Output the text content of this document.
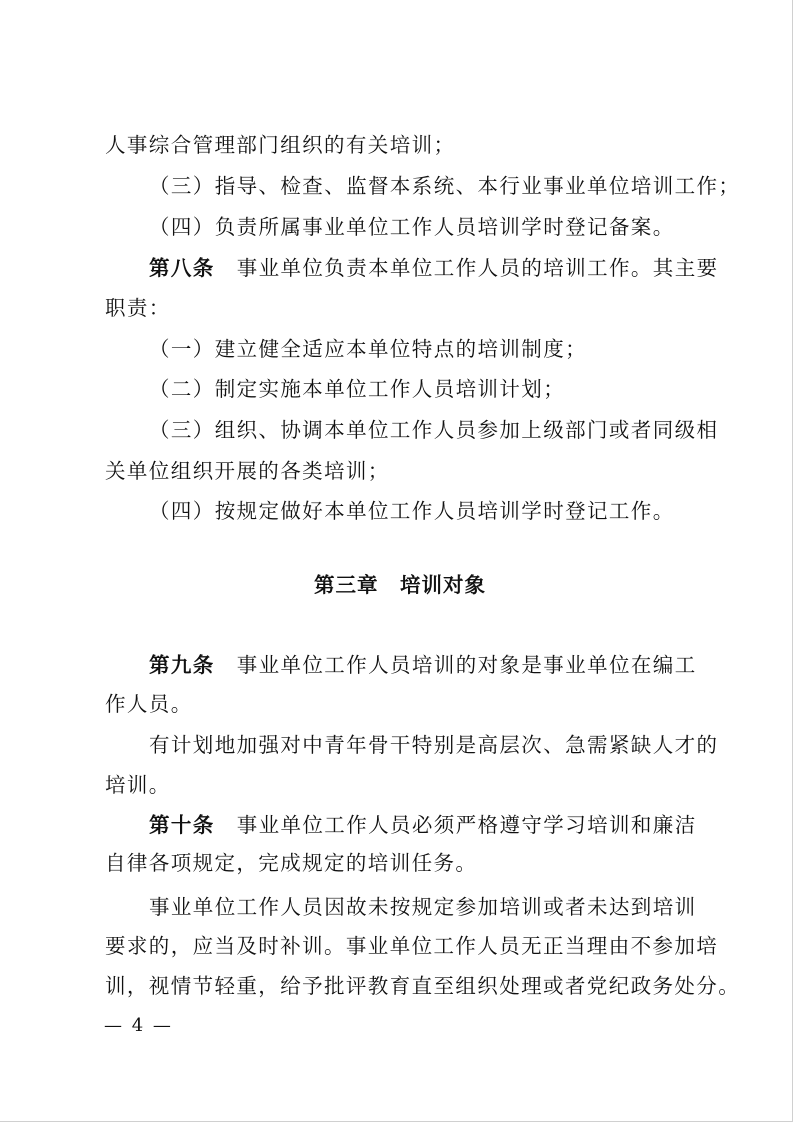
人事综合管理部门组织的有关培训；
（三）指导、检查、监督本系统、本行业事业单位培训工作；
（四）负责所属事业单位工作人员培训学时登记备案。
第八条 事业单位负责本单位工作人员的培训工作。其主要
职责：
（一）建立健全适应本单位特点的培训制度；
（二）制定实施本单位工作人员培训计划；
（三）组织、协调本单位工作人员参加上级部门或者同级相
关单位组织开展的各类培训；
（四）按规定做好本单位工作人员培训学时登记工作。
第三章　培训对象
第九条 事业单位工作人员培训的对象是事业单位在编工
作人员。
有计划地加强对中青年骨干特别是高层次、急需紧缺人才的
培训。
第十条 事业单位工作人员必须严格遵守学习培训和廉洁
自律各项规定，完成规定的培训任务。
事业单位工作人员因故未按规定参加培训或者未达到培训
要求的，应当及时补训。事业单位工作人员无正当理由不参加培
训，视情节轻重，给予批评教育直至组织处理或者党纪政务处分。
— 4 —
